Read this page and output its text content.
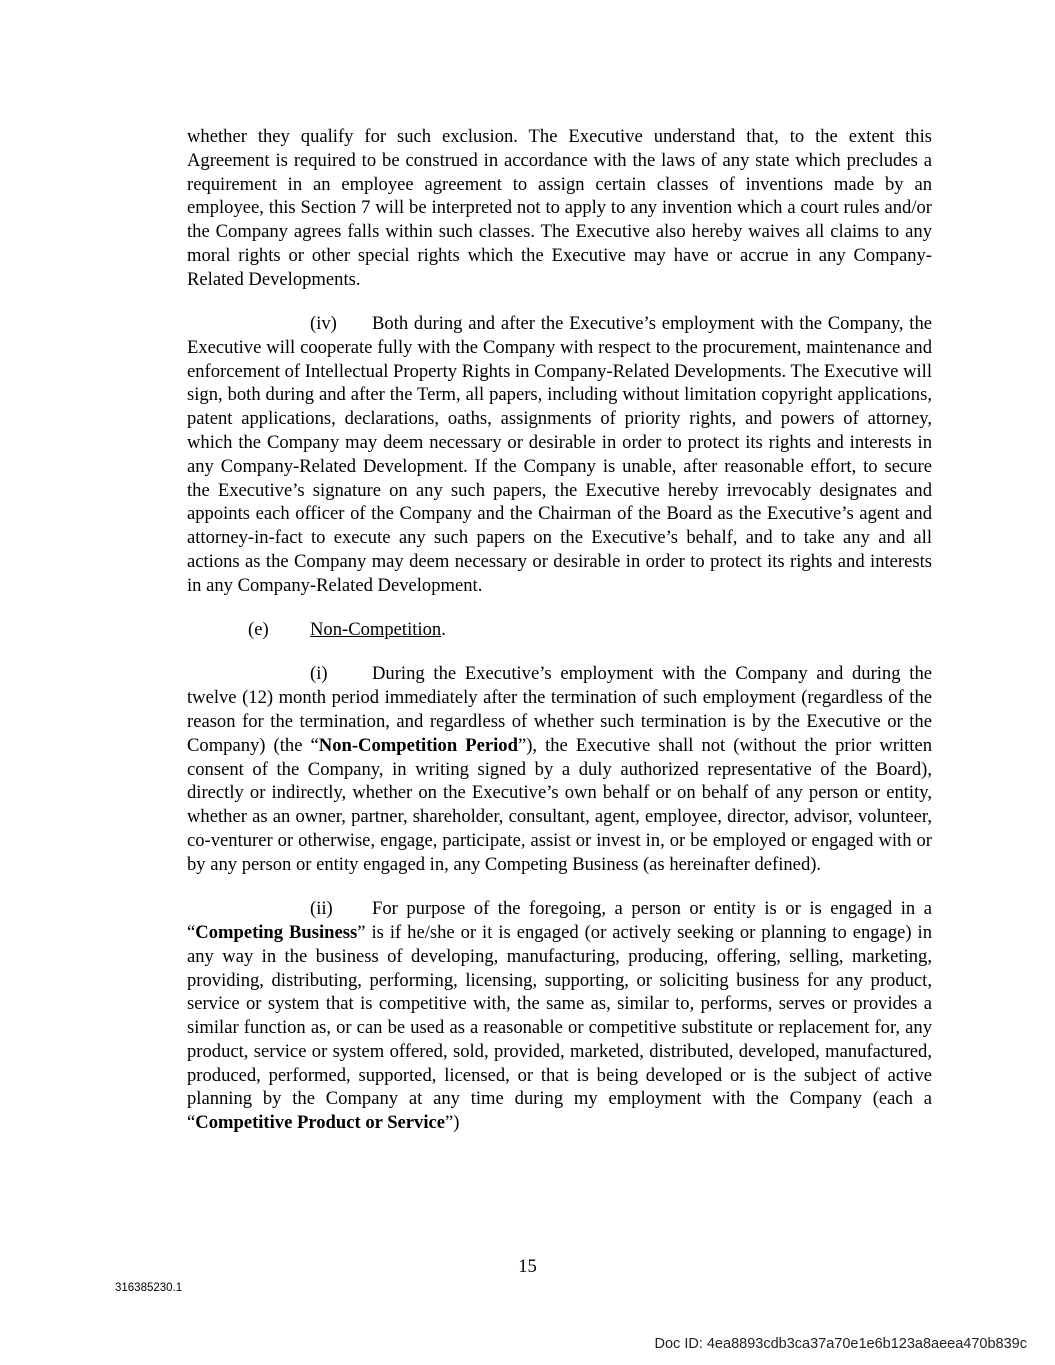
whether they qualify for such exclusion. The Executive understand that, to the extent this Agreement is required to be construed in accordance with the laws of any state which precludes a requirement in an employee agreement to assign certain classes of inventions made by an employee, this Section 7 will be interpreted not to apply to any invention which a court rules and/or the Company agrees falls within such classes. The Executive also hereby waives all claims to any moral rights or other special rights which the Executive may have or accrue in any Company-Related Developments.

(iv) Both during and after the Executive’s employment with the Company, the Executive will cooperate fully with the Company with respect to the procurement, maintenance and enforcement of Intellectual Property Rights in Company-Related Developments. The Executive will sign, both during and after the Term, all papers, including without limitation copyright applications, patent applications, declarations, oaths, assignments of priority rights, and powers of attorney, which the Company may deem necessary or desirable in order to protect its rights and interests in any Company-Related Development. If the Company is unable, after reasonable effort, to secure the Executive’s signature on any such papers, the Executive hereby irrevocably designates and appoints each officer of the Company and the Chairman of the Board as the Executive’s agent and attorney-in-fact to execute any such papers on the Executive’s behalf, and to take any and all actions as the Company may deem necessary or desirable in order to protect its rights and interests in any Company-Related Development.

(e) Non-Competition.

(i) During the Executive’s employment with the Company and during the twelve (12) month period immediately after the termination of such employment (regardless of the reason for the termination, and regardless of whether such termination is by the Executive or the Company) (the “Non-Competition Period”), the Executive shall not (without the prior written consent of the Company, in writing signed by a duly authorized representative of the Board), directly or indirectly, whether on the Executive’s own behalf or on behalf of any person or entity, whether as an owner, partner, shareholder, consultant, agent, employee, director, advisor, volunteer, co-venturer or otherwise, engage, participate, assist or invest in, or be employed or engaged with or by any person or entity engaged in, any Competing Business (as hereinafter defined).

(ii) For purpose of the foregoing, a person or entity is or is engaged in a “Competing Business” is if he/she or it is engaged (or actively seeking or planning to engage) in any way in the business of developing, manufacturing, producing, offering, selling, marketing, providing, distributing, performing, licensing, supporting, or soliciting business for any product, service or system that is competitive with, the same as, similar to, performs, serves or provides a similar function as, or can be used as a reasonable or competitive substitute or replacement for, any product, service or system offered, sold, provided, marketed, distributed, developed, manufactured, produced, performed, supported, licensed, or that is being developed or is the subject of active planning by the Company at any time during my employment with the Company (each a “Competitive Product or Service”)

15
316385230.1
Doc ID: 4ea8893cdb3ca37a70e1e6b123a8aeea470b839c
